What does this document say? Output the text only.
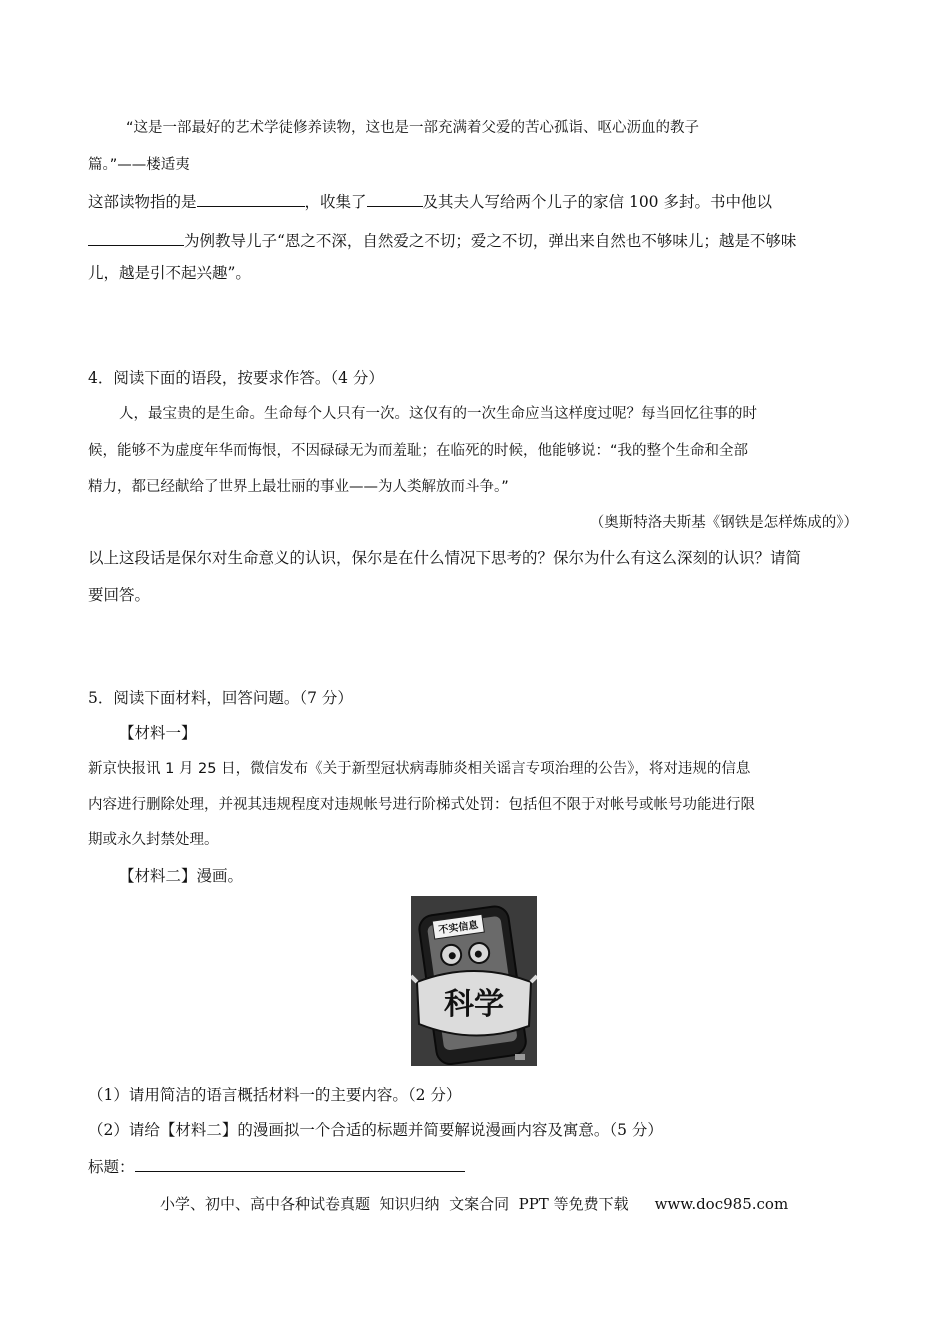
“这是一部最好的艺术学徒修养读物，这也是一部充满着父爱的苦心孤诣、呕心沥血的教子
篇。”——楼适夷
这部读物指的是	，收集了	及其夫人写给两个儿子的家信 100 多封。书中他以
为例教导儿子“恩之不深，自然爱之不切；爱之不切，弹出来自然也不够味儿；越是不够味
儿，越是引不起兴趣”。
4．阅读下面的语段，按要求作答。（4 分）
人，最宝贵的是生命。生命每个人只有一次。这仅有的一次生命应当这样度过呢？每当回忆往事的时
候，能够不为虚度年华而悔恨，不因碌碌无为而羞耻；在临死的时候，他能够说：“我的整个生命和全部
精力，都已经献给了世界上最壮丽的事业——为人类解放而斗争。”
（奥斯特洛夫斯基《钢铁是怎样炼成的》）
以上这段话是保尔对生命意义的认识，保尔是在什么情况下思考的？保尔为什么有这么深刻的认识？请简
要回答。
5．阅读下面材料，回答问题。（7 分）
【材料一】
新京快报讯 1 月 25 日，微信发布《关于新型冠状病毒肺炎相关谣言专项治理的公告》，将对违规的信息
内容进行删除处理，并视其违规程度对违规帐号进行阶梯式处罚：包括但不限于对帐号或帐号功能进行限
期或永久封禁处理。
【材料二】漫画。
不实信息
科学
（1）请用简洁的语言概括材料一的主要内容。（2 分）
（2）请给【材料二】的漫画拟一个合适的标题并简要解说漫画内容及寓意。（5 分）
标题：
小学、初中、高中各种试卷真题  知识归纳  文案合同  PPT 等免费下载 www.doc985.com
